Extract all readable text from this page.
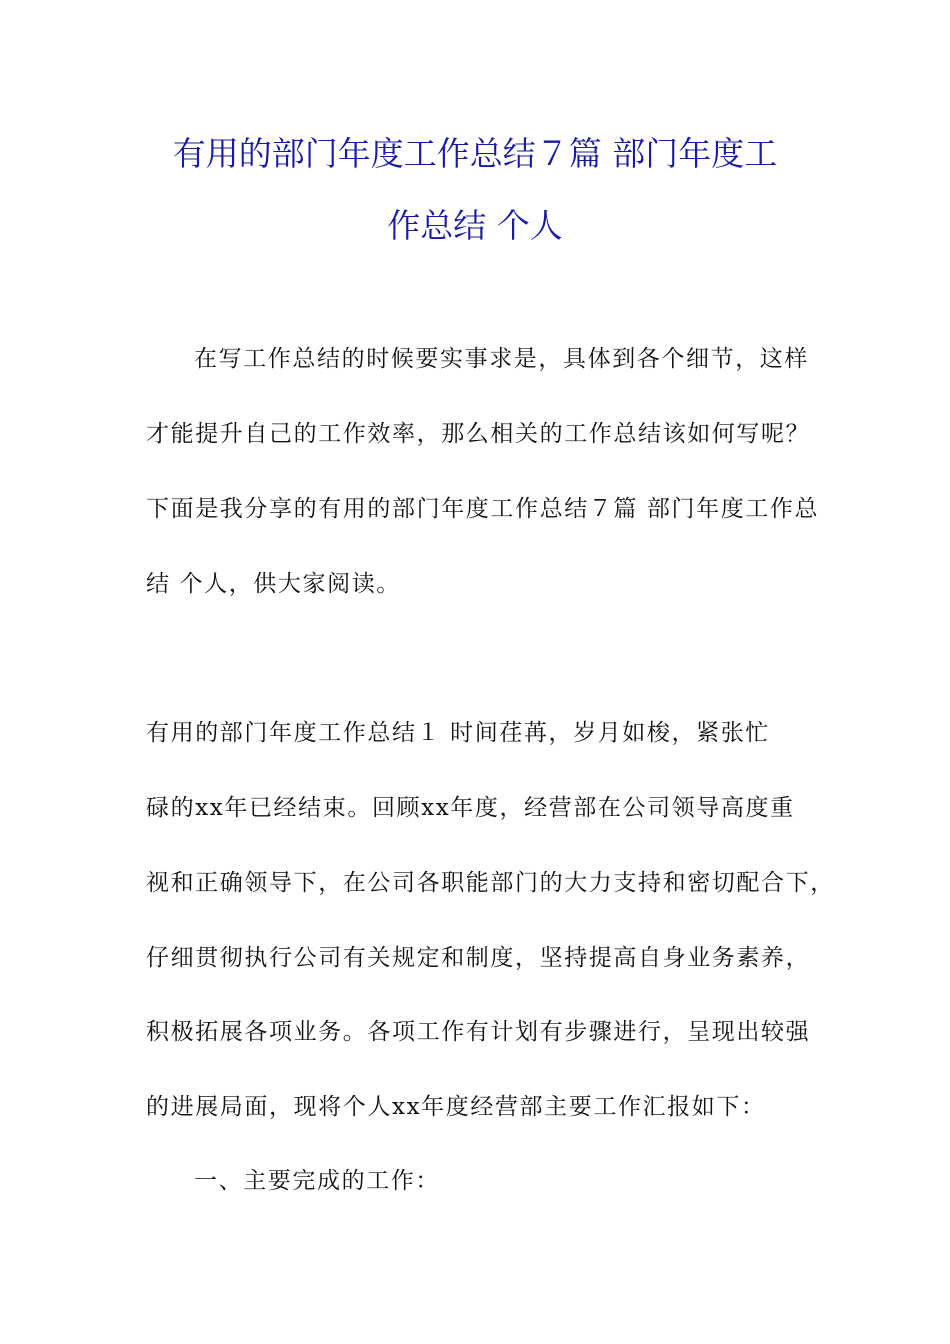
有用的部门年度工作总结７篇 部门年度工
作总结 个人
在写工作总结的时候要实事求是，具体到各个细节，这样
才能提升自己的工作效率，那么相关的工作总结该如何写呢？
下面是我分享的有用的部门年度工作总结７篇 部门年度工作总
结 个人，供大家阅读。
有用的部门年度工作总结１ 时间荏苒，岁月如梭，紧张忙
碌的xx年已经结束。回顾xx年度，经营部在公司领导高度重
视和正确领导下，在公司各职能部门的大力支持和密切配合下，
仔细贯彻执行公司有关规定和制度，坚持提高自身业务素养，
积极拓展各项业务。各项工作有计划有步骤进行，呈现出较强
的进展局面，现将个人xx年度经营部主要工作汇报如下：
一、主要完成的工作：
